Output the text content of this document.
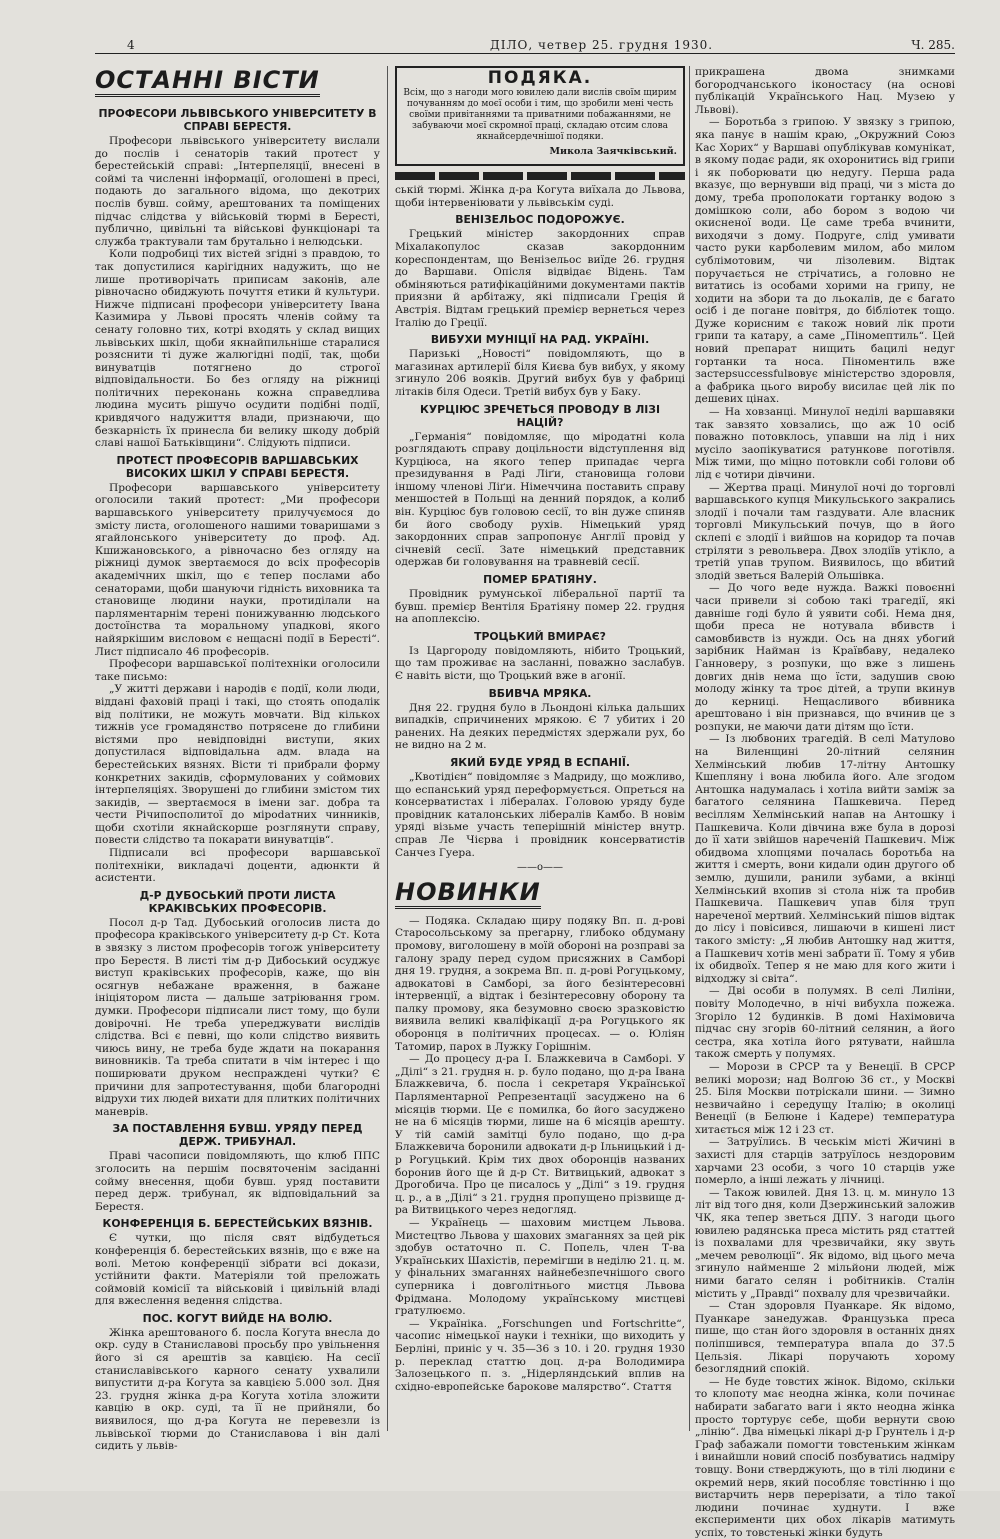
4	ДІЛО, четвер 25. грудня 1930.	Ч. 285.
ОСТАННІ ВІСТИ
ПРОФЕСОРИ ЛЬВІВСЬКОГО УНІВЕРСИТЕТУ В СПРАВІ БЕРЕСТЯ.

Професори львівського університету вислали до послів і сенаторів такий протест у берестейській справі: „Інтерпеляції, внесені в соймі та численні інформації, оголошені в пресі, подають до загального відома, що декотрих послів бувш. сойму, арештованих та поміщених підчас слідства у військовій тюрмі в Бересті, публично, цивільні та військові функціонарі та служба трактували там брутально і нелюдськи.

Коли подробиці тих вістей згідні з правдою, то так допустилися карігідних надужить, що не лише противорічать приписам законів, але рівночасно обиджують почуття етики й культури. Нижче підписані професори університету Івана Казимира у Львові просять членів сойму та сенату головно тих, котрі входять у склад вищих львівських шкіл, щоби якнайпильніше старалися розяснити ті дуже жалюгідні події, так, щоби винуватців потягнено до строгої відповідальности. Бо без огляду на ріжниці політичних переконань кожна справедлива людина мусить рішучо осудити подібні події, кривдячого надужиття влади, признаючи, що безкарність їх принесла би велику шкоду добрій славі нашої Батьківщини“. Слідують підписи.

ПРОТЕСТ ПРОФЕСОРІВ ВАРШАВСЬКИХ ВИСОКИХ ШКІЛ У СПРАВІ БЕРЕСТЯ.

Професори варшавського університету оголосили такий протест: „Ми професори варшавського університету прилучуємося до змісту листа, оголошеного нашими товаришами з ягайлонського університету до проф. Ад. Кшижановського, а рівночасно без огляду на ріжниці думок звертаємося до всіх професорів академічних шкіл, що є тепер послами або сенаторами, щоби шануючи гідність виховника та становище людини науки, протиділали на парляментарнім терені понижуванню людського достоїнства та моральному упадкові, якого найяркішим висловом є нещасні події в Бересті“. Лист підписало 46 професорів.

Професори варшавської політехніки оголосили таке письмо:

„У житті держави і народів є події, коли люди, віддані фаховій праці і такі, що стоять оподалік від політики, не можуть мовчати. Від кількох тижнів усе громадянство потрясене до глибини вістями про невідповідні виступи, яких допустилася відповідальна адм. влада на берестейських вязнях. Вісти ті прибрали форму конкретних закидів, сформулованих у соймових інтерпеляціях. Зворушені до глибини змістом тих закидів, — звертаємося в імени заг. добра та чести Річипосполитої до мірodатних чинників, щоби схотіли якнайскорше розглянути справу, повести слідство та покарати винуватців“.

Підписали всі професори варшавської політехніки, викладачі доценти, адюнкти й асистенти.

Д-Р ДУБОСЬКИЙ ПРОТИ ЛИСТА КРАКІВСЬКИХ ПРОФЕСОРІВ.

Посол д-р Тад. Дубоський оголосив листа до професора краківського університету д-р Ст. Кота в звязку з листом професорів тогож університету про Берестя. В листі тім д-р Дибоський осуджує виступ краківських професорів, каже, що він осягнув небажане враження, в бажане ініціятором листа — дальше затріювання гром. думки. Професори підписали лист тому, що були довірочні. Не треба упереджувати вислідів слідства. Всі є певні, що коли слідство виявить чиюсь вину, не треба буде ждати на покарання виновників. Та треба спитати в чім інтерес і що поширювати друком неспраждені чутки? Є причини для запротестування, щоби благородні відрухи тих людей вихати для плитких політичних маневрів.

ЗА ПОСТАВЛЕННЯ БУВШ. УРЯДУ ПЕРЕД ДЕРЖ. ТРИБУНАЛ.

Праві часописи повідомляють, що клюб ППС зголосить на першім посвяточенім засіданні сойму внесення, щоби бувш. уряд поставити перед держ. трибунал, як відповідальний за Берестя.

КОНФЕРЕНЦІЯ Б. БЕРЕСТЕЙСЬКИХ ВЯЗНІВ.

Є чутки, що після свят відбудеться конференція б. берестейських вязнів, що є вже на волі. Метою конференції зібрати всі докази, устійнити факти. Матеріяли той преложать соймовій комісії та військовій і цивільній владі для вжеслення ведення слідства.

ПОС. КОГУТ ВИЙДЕ НА ВОЛЮ.

Жінка арештованого б. посла Когута внесла до окр. суду в Станиславові просьбу про увільнення його зі ся арештів за кавцією. На сесії станиславівського карного сенату ухвалили випустити д-ра Когута за кавцією 5.000 зол. Дня 23. грудня жінка д-ра Когута хотіла зложити кавцію в окр. суді, та її не прийняли, бо виявилося, що д-ра Когута не перевезли із львівської тюрми до Станиславова і він далі сидить у львів-

ПОДЯКА.
Всім, що з нагоди мого ювилею дали вислів своїм щирим почуванням до моєї особи і тим, що зробили мені честь своїми привітаннями та приватними побажаннями, не забуваючи моєї скромної праці, складаю отсим слова якнайсердечнішої подяки.
Микола Заячківський.

ській тюрмі. Жінка д-ра Когута виїхала до Львова, щоби інтервеніювати у львівськім суді.

ВЕНІЗЕЛЬОС ПОДОРОЖУЄ.

Грецький міністер закордонних справ Міхалакопулос сказав закордонним кореспондентам, що Венізельос виїде 26. грудня до Варшави. Опісля відвідає Відень. Там обміняються ратифікаційними документами пактів приязни й арбітажу, які підписали Греція й Австрія. Відтам грецький премієр вернеться через Італію до Греції.

ВИБУХИ МУНІЦІЇ НА РАД. УКРАЇНІ.

Паризькі „Новості“ повідомляють, що в магазинах артилерії біля Києва був вибух, у якому згинуло 206 вояків. Другий вибух був у фабриці літаків біля Одеси. Третій вибух був у Баку.

КУРЦІЮС ЗРЕЧЕТЬСЯ ПРОВОДУ В ЛІЗІ НАЦІЙ?

„Германія“ повідомляє, що міродатні кола розглядають справу доцільности відступлення від Курціюса, на якого тепер припадає черга президування в Раді Ліґи, становища голови іншому членові Ліґи. Німеччина поставить справу меншостей в Польщі на денний порядок, а колиб він. Курціюс був головою сесії, то він дуже спиняв би його свободу рухів. Німецький уряд закордонних справ запропонує Англії провід у січневій сесії. Зате німецький представник одержав би головування на травневій сесії.

ПОМЕР БРАТІЯНУ.

Провідник румунської ліберальної партії та бувш. премієр Вентіля Братіяну помер 22. грудня на апоплексію.

ТРОЦЬКИЙ ВМИРАЄ?

Із Царгороду повідомляють, нібито Троцький, що там проживає на засланні, поважно заслабув. Є навіть вісти, що Троцький вже в агонії.

ВБИВЧА МРЯКА.

Дня 22. грудня було в Льондоні кілька дальших випадків, спричинених мрякою. Є 7 убитих і 20 ранених. На деяких передмістях здержали рух, бо не видно на 2 м.

ЯКИЙ БУДЕ УРЯД В ЕСПАНІЇ.

„Квотідієн“ повідомляє з Мадриду, що можливо, що еспанський уряд переформується. Опреться на консерватистах і лібералах. Головою уряду буде провідник каталонських лібералів Камбо. В новім уряді візьме участь теперішній міністер внутр. справ Ле Чієрва і провідник консерватистів Санчез Гуера.

——o——
НОВИНКИ

— Подяка. Складаю щиру подяку Вп. п. д-рові Старосольському за прегарну, глибоко обдуману промову, виголошену в моїй обороні на розправі за галону зраду перед судом присяжних в Самборі дня 19. грудня, а зокрема Вп. п. д-рові Рогуцькому, адвокатові в Самборі, за його безінтересовні інтервенції, а відтак і безінтересовну оборону та палку промову, яка безумовно своєю зразковістю виявила великі кваліфікації д-ра Рогуцького як оборонця в політичних процесах. — о. Юліян Татомир, парох в Лужку Горішнім.

— До процесу д-ра І. Блажкевича в Самборі. У „Ділі“ з 21. грудня н. р. було подано, що д-ра Івана Блажкевича, б. посла і секретаря Української Парляментарної Репрезентації засуджено на 6 місяців тюрми. Це є помилка, бо його засуджено не на 6 місяців тюрми, лише на 6 місяців арешту. У тій самій замітці було подано, що д-ра Блажкевича боронили адвокати д-р Ільницький і д-р Рогуцький. Крім тих двох оборонців названих боронив його ще й д-р Ст. Витвицький, адвокат з Дрогобича. Про це писалось у „Ділі“ з 19. грудня ц. р., а в „Ділі“ з 21. грудня пропущено прізвище д-ра Витвицького через недогляд.

— Українець — шаховим мистцем Львова. Мистецтво Львова у шахових змаганнях за цей рік здобув остаточно п. С. Попель, член Т-ва Українських Шахістів, перемігши в неділю 21. ц. м. у фінальних змаганнях найнебезпечнішого свого суперника і довголітнього мистця Львова Фрідмана. Молодому українському мистцеві гратулюємо.

— Україніка. „Forschungen und Fortschritte“, часопис німецької науки і техніки, що виходить у Берліні, приніс у ч. 35—36 з 10. і 20. грудня 1930 р. переклад статтю доц. д-ра Володимира Залозецького п. з. „Нідерляндський вплив на східно-европейське барокове малярство“. Стаття

прикрашена двома знимками богородчанського іконостасу (на основі публікацій Українського Нац. Музею у Львові).

— Боротьба з грипою. У звязку з грипою, яка панує в нашім краю, „Окружний Союз Кас Хорих“ у Варшаві опублікував комунікат, в якому подає ради, як охоронитись від грипи і як поборювати цю недугу. Перша рада вказує, що вернувши від праці, чи з міста до дому, треба прополокати гортанку водою з домішкою соли, або бором з водою чи окисненої води. Це саме треба вчинити, виходячи з дому. Подруге, слід умивати часто руки карболевим милом, або милом сублімотовим, чи лізолевим. Відтак поручається не стрічатись, а головно не витатись із особами хорими на грипу, не ходити на збори та до льокалів, де є багато осіб і де погане повітря, до бібліотек тощо. Дуже корисним є також новий лік проти грипи та катару, а саме „Піномептиль“. Цей новий препарат нищить бацилі недуг гортанки та носа. Піноментиль вже застерsuccessfulвовує міністерство здоровля, а фабрика цього виробу висилає цей лік по дешевих цінах.

— На ховзанці. Минулої неділі варшавяки так завзято ховзались, що аж 10 осіб поважно потовклось, упавши на лід і них мусіло заопікуватися ратункове поготівля. Між тими, що міцно потовкли собі голови об лід є чотири дівчини.

— Жертва праці. Минулої ночі до торговлі варшавського купця Микульського закрались злодії і почали там газдувати. Але власник торговлі Микульський почув, що в його склепі є злодії і вийшов на коридор та почав стріляти з револьвера. Двох злодіїв утікло, а третій упав трупом. Виявилось, що вбитий злодій зветься Валерій Ольшівка.

— До чого веде нужда. Важкі повоєнні часи привели зі собою такі трагедії, які давніше годі було й уявити собі. Нема дня, щоби преса не нотувала вбивств і самовбивств із нужди. Ось на днях убогий зарібник Найман із Краївбаву, недалеко Ганноверу, з розпуки, що вже з лишень довгих днів нема що їсти, задушив свою молоду жінку та троє дітей, а трупи вкинув до керниці. Нещасливого вбивника арештовано і він признався, що вчинив це з розпуки, не маючи дати дітям що їсти.

— Із любвоних трагедій. В селі Матулово на Виленщині 20-літний селянин Хелмінський любив 17-літну Антошку Кшепляну і вона любила його. Але згодом Антошка надумалась і хотіла вийти заміж за багатого селянина Пашкевича. Перед весіллям Хелмінський напав на Антошку і Пашкевича. Коли дівчина вже була в дорозі до її хати звійшов нареченій Пашкевич. Між обидвома хлопцями почалась боротьба на життя і смерть, вони кидали один другого об землю, душили, ранили зубами, а вкінці Хелмінський вхопив зі стола ніж та пробив Пашкевича. Пашкевич упав біля труп нареченої мертвий. Хелмінський пішов відтак до лісу і повісився, лишаючи в кишені лист такого змісту: „Я любив Антошку над життя, а Пашкевич хотів мені забрати її. Тому я убив іх обидвоїх. Тепер я не маю для кого жити і відходжу зі світа“.

— Дві особи в полумях. В селі Лиліни, повіту Молодечно, в нічі вибухла пожежа. Згоріло 12 будинків. В домі Нахімовича підчас сну згорів 60-літний селянин, а його сестра, яка хотіла його рятувати, найшла також смерть у полумях.

— Морози в СРСР та у Венеції. В СРСР великі морози; над Волгою 36 ст., у Москві 25. Біля Москви потріскали шини. — Зимно незвичайно і середущу Італію; в околиці Венеції (в Белюне і Кадере) температура хитається між 12 і 23 ст.

— Затруїлись. В чеськім місті Жичині в захисті для старців затруїлось нездоровим харчами 23 особи, з чого 10 старців уже померло, а інші лежать у лічниці.

— Також ювилей. Дня 13. ц. м. минуло 13 літ від того дня, коли Дзержинський заложив ЧК, яка тепер зветься ДПУ. З нагоди цього ювилею радянська преса містить ряд статтей із похвалами для чрезвичайки, яку звуть „мечем революції“. Як відомо, від цього меча згинуло найменше 2 мільйони людей, між ними багато селян і робітників. Сталін містить у „Правді“ похвалу для чрезвичайки.

— Стан здоровля Пуанкаре. Як відомо, Пуанкаре занедужав. Французька преса пише, що стан його здоровля в останніх днях поліпшився, температура впала до 37.5 Цельзія. Лікарі поручають хорому безоглядний спокій.

— Не буде товстих жінок. Відомо, скільки то клопоту має неодна жінка, коли починає набирати забагато ваги і якто неодна жінка просто тортурує себе, щоби вернути свою „лінію“. Два німецькі лікарі д-р Грунтель і д-р Граф забажали помогти товстеньким жінкам і винайшли новий спосіб позбуватись надміру товщу. Вони стверджують, що в тілі людини є окремий нерв, який пособляє товстінню і що вистарчить нерв перерізати, а тіло такої людини починає худнути. І вже експерименти цих обох лікарів матимуть успіх, то товстенькі жінки будуть
